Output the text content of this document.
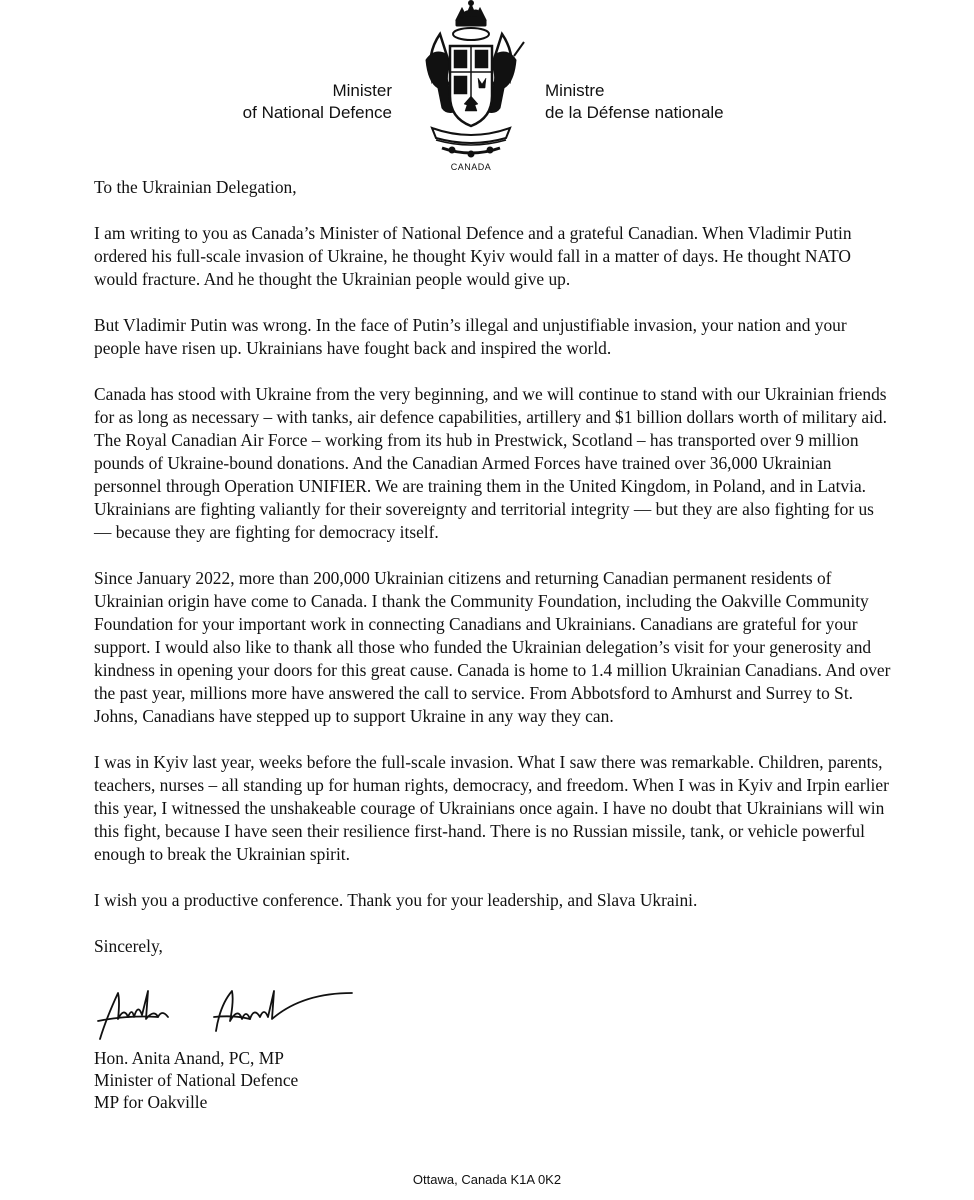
Minister
of National Defence
CANADA
Ministre
de la Défense nationale

To the Ukrainian Delegation,

I am writing to you as Canada’s Minister of National Defence and a grateful Canadian. When Vladimir Putin ordered his full-scale invasion of Ukraine, he thought Kyiv would fall in a matter of days. He thought NATO would fracture. And he thought the Ukrainian people would give up.

But Vladimir Putin was wrong. In the face of Putin’s illegal and unjustifiable invasion, your nation and your people have risen up. Ukrainians have fought back and inspired the world.

Canada has stood with Ukraine from the very beginning, and we will continue to stand with our Ukrainian friends for as long as necessary – with tanks, air defence capabilities, artillery and $1 billion dollars worth of military aid. The Royal Canadian Air Force – working from its hub in Prestwick, Scotland – has transported over 9 million pounds of Ukraine-bound donations. And the Canadian Armed Forces have trained over 36,000 Ukrainian personnel through Operation UNIFIER. We are training them in the United Kingdom, in Poland, and in Latvia. Ukrainians are fighting valiantly for their sovereignty and territorial integrity — but they are also fighting for us — because they are fighting for democracy itself.

Since January 2022, more than 200,000 Ukrainian citizens and returning Canadian permanent residents of Ukrainian origin have come to Canada. I thank the Community Foundation, including the Oakville Community Foundation for your important work in connecting Canadians and Ukrainians. Canadians are grateful for your support. I would also like to thank all those who funded the Ukrainian delegation’s visit for your generosity and kindness in opening your doors for this great cause. Canada is home to 1.4 million Ukrainian Canadians. And over the past year, millions more have answered the call to service. From Abbotsford to Amhurst and Surrey to St. Johns, Canadians have stepped up to support Ukraine in any way they can.

I was in Kyiv last year, weeks before the full-scale invasion. What I saw there was remarkable. Children, parents, teachers, nurses – all standing up for human rights, democracy, and freedom. When I was in Kyiv and Irpin earlier this year, I witnessed the unshakeable courage of Ukrainians once again. I have no doubt that Ukrainians will win this fight, because I have seen their resilience first-hand. There is no Russian missile, tank, or vehicle powerful enough to break the Ukrainian spirit.

I wish you a productive conference. Thank you for your leadership, and Slava Ukraini.

Sincerely,

Hon. Anita Anand, PC, MP
Minister of National Defence
MP for Oakville
Ottawa, Canada K1A 0K2
